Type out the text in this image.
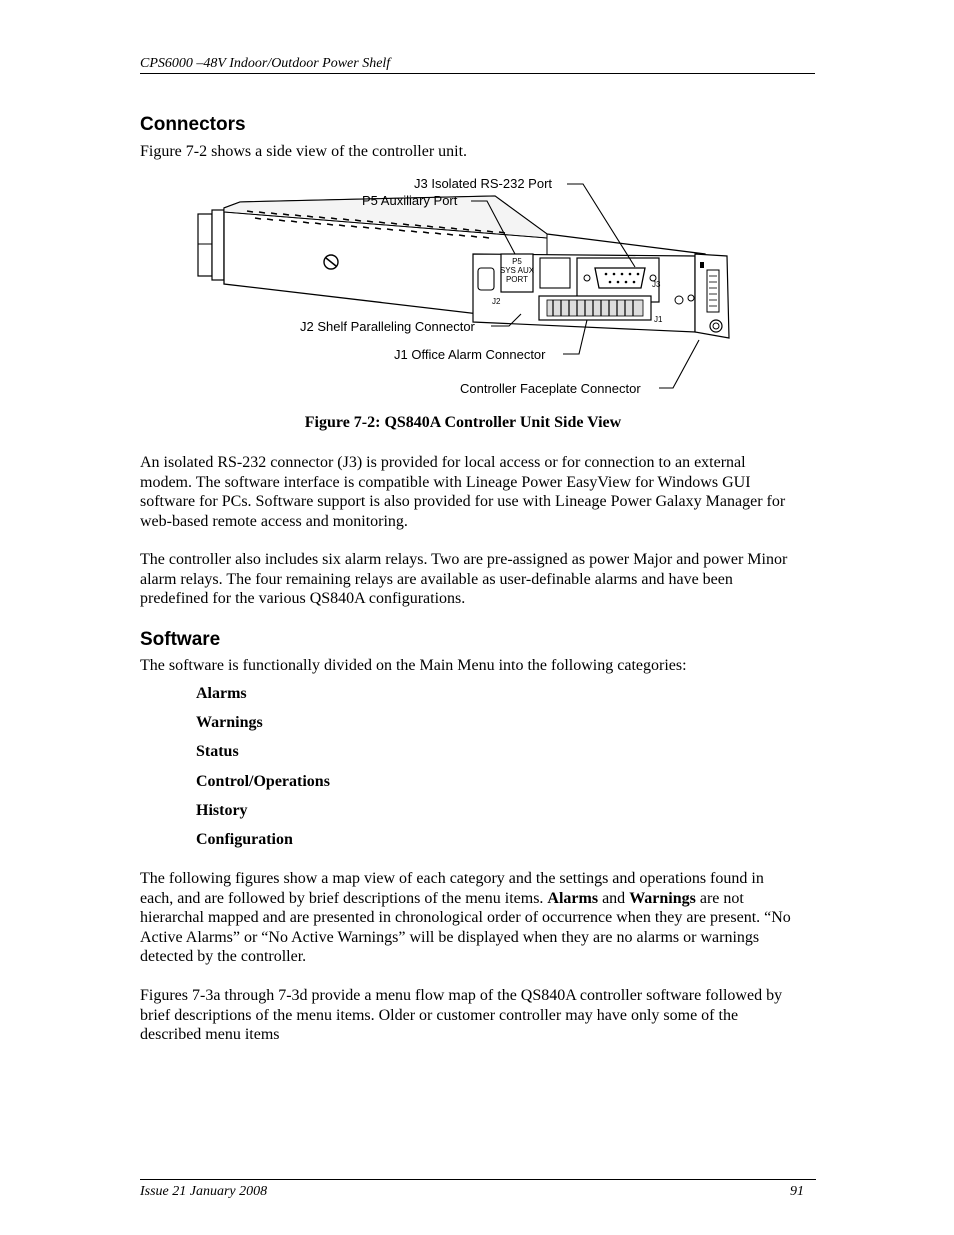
CPS6000 –48V Indoor/Outdoor Power Shelf
Connectors

Figure 7-2 shows a side view of the controller unit.

P5
SYS AUX
PORT
J2
J3
J1
J3 Isolated RS-232 Port
P5 Auxiliary Port
J2 Shelf Paralleling Connector
J1 Office Alarm Connector
Controller Faceplate Connector
Figure 7-2: QS840A Controller Unit Side View

An isolated RS-232 connector (J3) is provided for local access or for connection to an external modem. The software interface is compatible with Lineage Power EasyView for Windows GUI software for PCs. Software support is also provided for use with Lineage Power Galaxy Manager for web-based remote access and monitoring.

The controller also includes six alarm relays. Two are pre-assigned as power Major and power Minor alarm relays. The four remaining relays are available as user-definable alarms and have been predefined for the various QS840A configurations.

Software

The software is functionally divided on the Main Menu into the following categories:

Alarms
Warnings
Status
Control/Operations
History
Configuration

The following figures show a map view of each category and the settings and operations found in each, and are followed by brief descriptions of the menu items. Alarms and Warnings are not hierarchal mapped and are presented in chronological order of occurrence when they are present. “No Active Alarms” or “No Active Warnings” will be displayed when they are no alarms or warnings detected by the controller.

Figures 7-3a through 7-3d provide a menu flow map of the QS840A controller software followed by brief descriptions of the menu items. Older or customer controller may have only some of the described menu items

Issue 21 January 2008	91
